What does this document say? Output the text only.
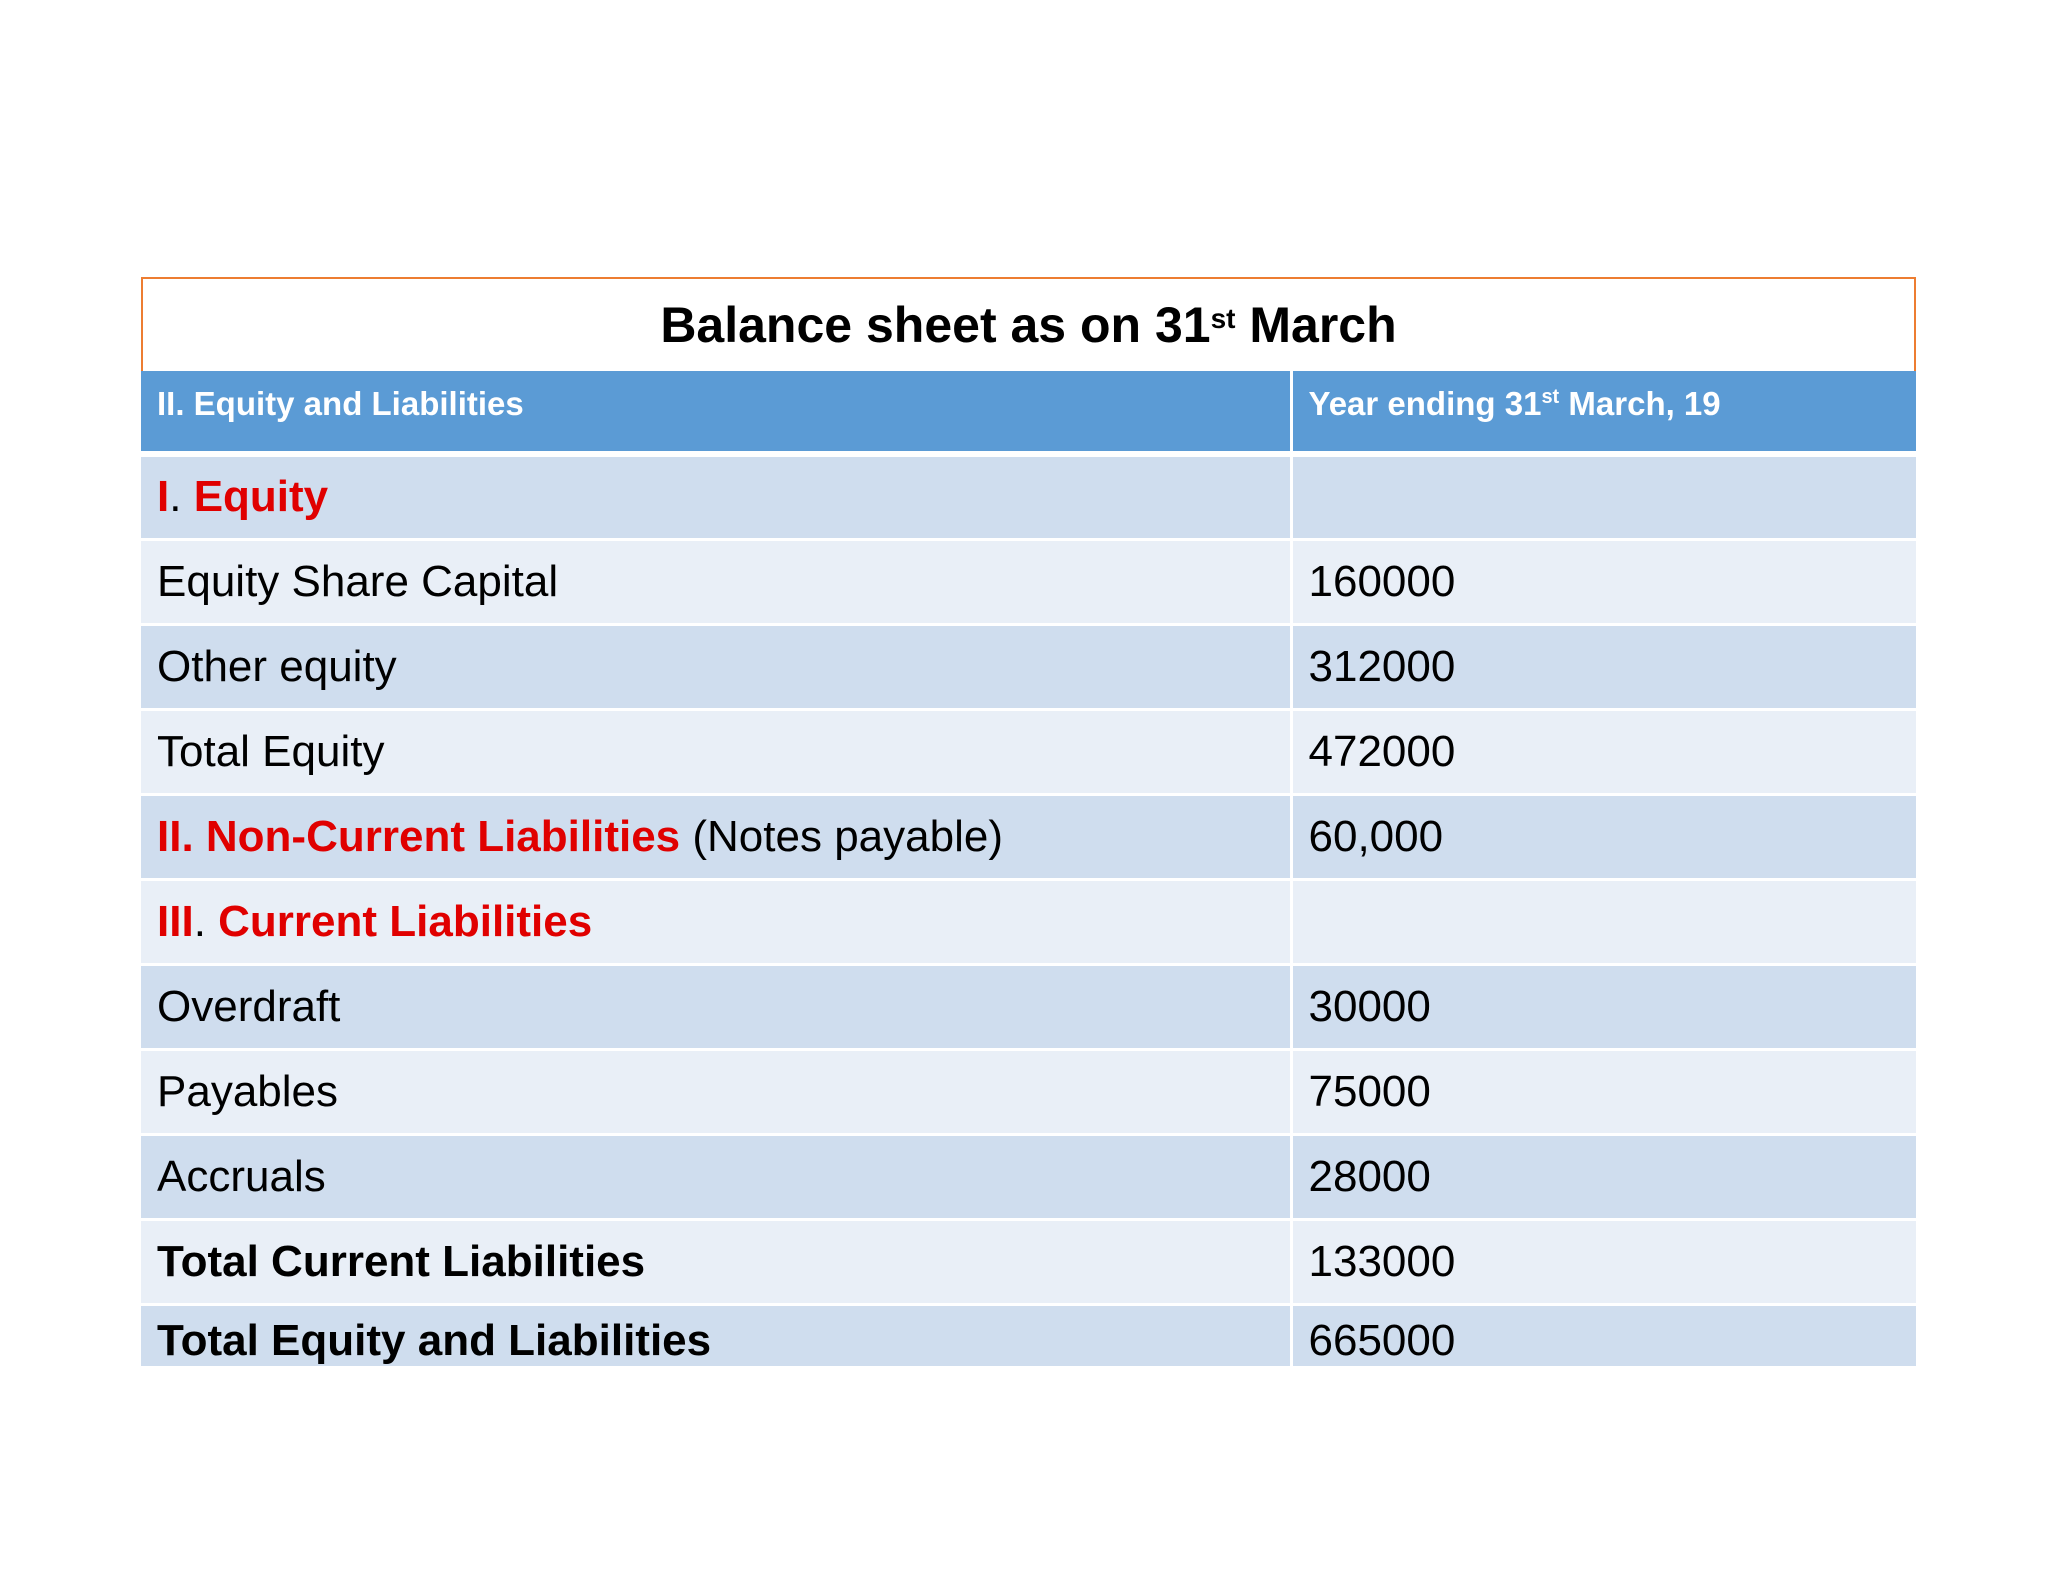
Balance sheet as on 31st March
II. Equity and Liabilities	Year ending 31st March, 19
I. Equity	
Equity Share Capital	160000
Other equity	312000
Total Equity	472000
II. Non-Current Liabilities (Notes payable)	60,000
III. Current Liabilities	
Overdraft	30000
Payables	75000
Accruals	28000
Total Current Liabilities	133000
Total Equity and Liabilities	665000
